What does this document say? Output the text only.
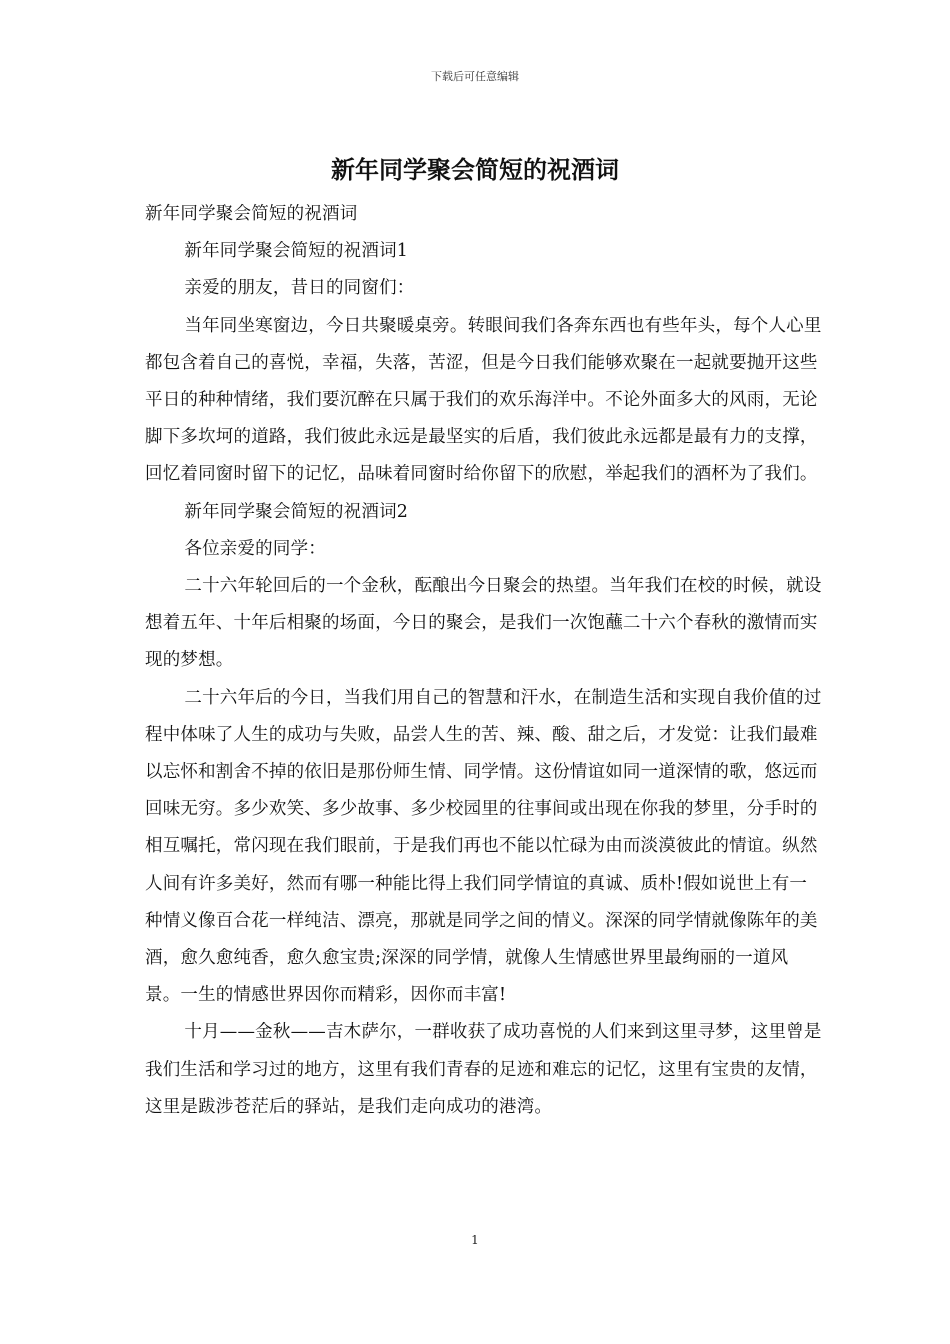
下载后可任意编辑
新年同学聚会简短的祝酒词

新年同学聚会简短的祝酒词

新年同学聚会简短的祝酒词1

亲爱的朋友，昔日的同窗们：

当年同坐寒窗边，今日共聚暖桌旁。转眼间我们各奔东西也有些年头，每个人心里都包含着自己的喜悦，幸福，失落，苦涩，但是今日我们能够欢聚在一起就要抛开这些平日的种种情绪，我们要沉醉在只属于我们的欢乐海洋中。不论外面多大的风雨，无论脚下多坎坷的道路，我们彼此永远是最坚实的后盾，我们彼此永远都是最有力的支撑，回忆着同窗时留下的记忆，品味着同窗时给你留下的欣慰，举起我们的酒杯为了我们。

新年同学聚会简短的祝酒词2

各位亲爱的同学：

二十六年轮回后的一个金秋，酝酿出今日聚会的热望。当年我们在校的时候，就设想着五年、十年后相聚的场面，今日的聚会，是我们一次饱蘸二十六个春秋的激情而实现的梦想。

二十六年后的今日，当我们用自己的智慧和汗水，在制造生活和实现自我价值的过程中体味了人生的成功与失败，品尝人生的苦、辣、酸、甜之后，才发觉：让我们最难以忘怀和割舍不掉的依旧是那份师生情、同学情。这份情谊如同一道深情的歌，悠远而回味无穷。多少欢笑、多少故事、多少校园里的往事间或出现在你我的梦里，分手时的相互嘱托，常闪现在我们眼前，于是我们再也不能以忙碌为由而淡漠彼此的情谊。纵然人间有许多美好，然而有哪一种能比得上我们同学情谊的真诚、质朴!假如说世上有一种情义像百合花一样纯洁、漂亮，那就是同学之间的情义。深深的同学情就像陈年的美酒，愈久愈纯香，愈久愈宝贵;深深的同学情，就像人生情感世界里最绚丽的一道风景。一生的情感世界因你而精彩，因你而丰富!

十月——金秋——吉木萨尔，一群收获了成功喜悦的人们来到这里寻梦，这里曾是我们生活和学习过的地方，这里有我们青春的足迹和难忘的记忆，这里有宝贵的友情，这里是跋涉苍茫后的驿站，是我们走向成功的港湾。

1
